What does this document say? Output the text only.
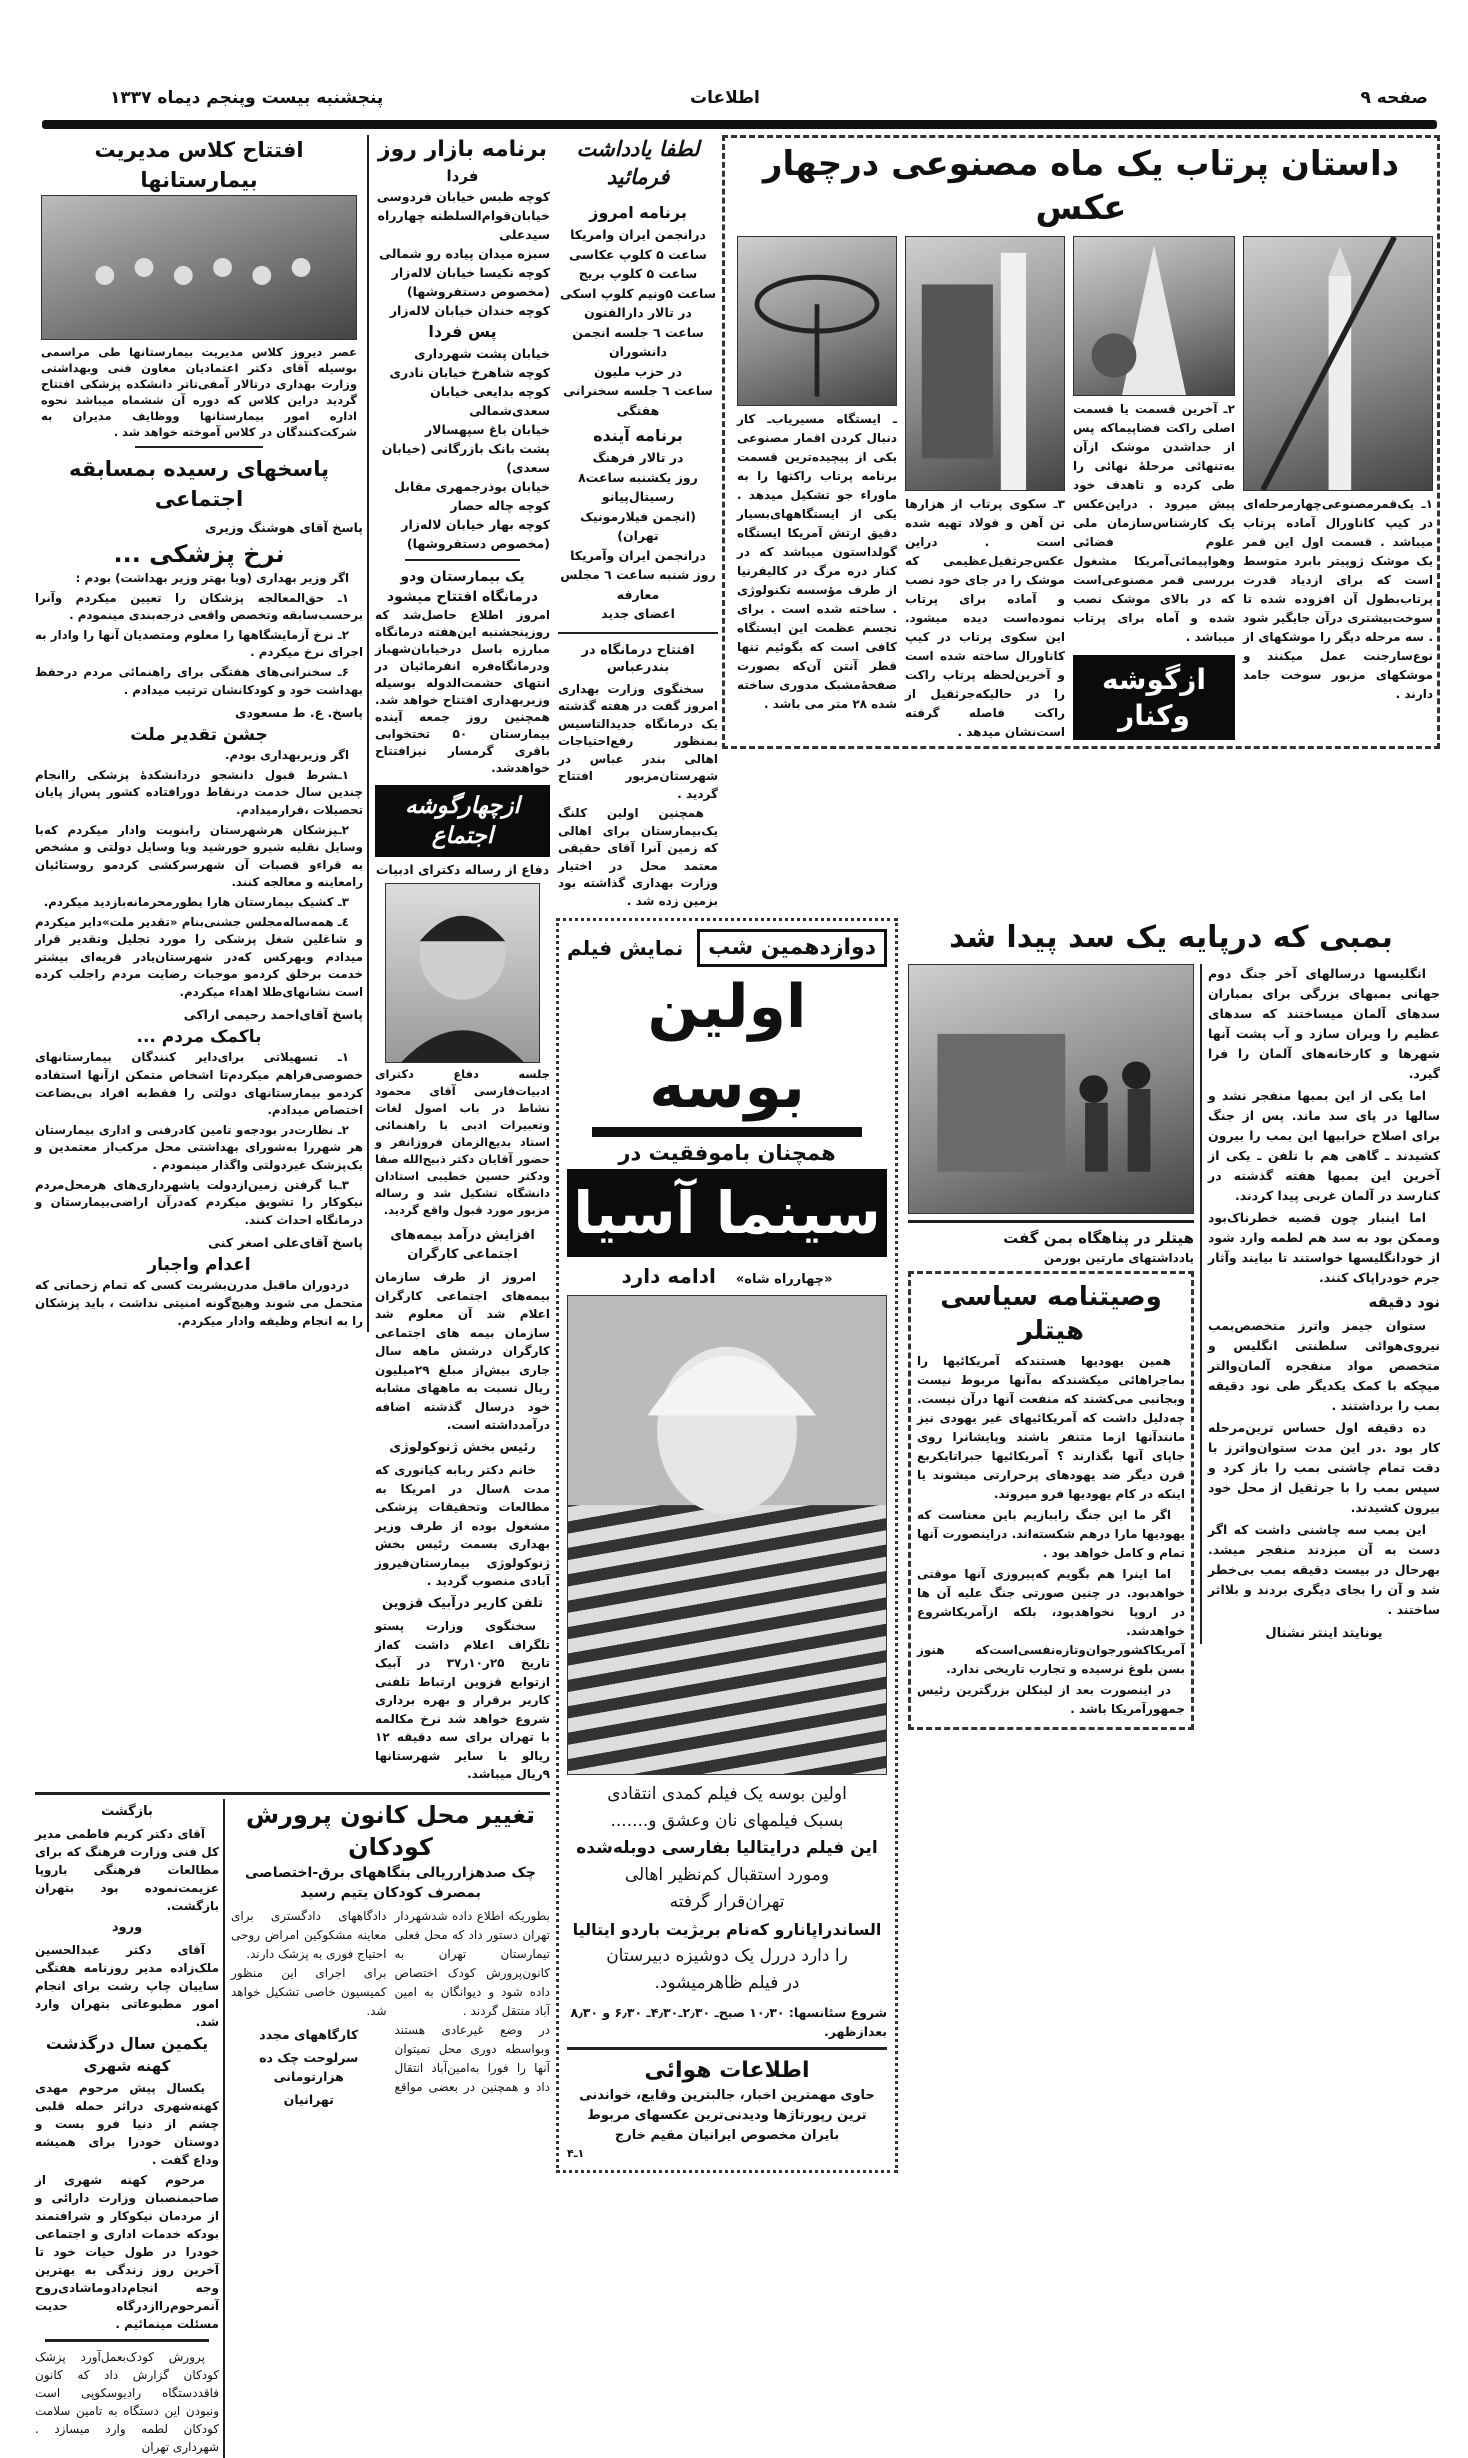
صفحه ۹
اطلاعات
پنجشنبه بیست وپنجم دیماه ۱۳۳۷
داستان پرتاب یک ماه مصنوعی درچهار عکس
۱ـ یک‌قمرمصنوعی‌چهارمرحله‌ای در کیپ کاناورال آماده پرتاب میباشد . قسمت اول این قمر یک موشک ژوپیتر بابرد متوسط است که برای ازدیاد قدرت پرتاب‌بطول آن افزوده شده تا سوخت‌بیشتری درآن جایگیر شود . سه مرحله دیگر را موشکهای از نوع‌سارجنت عمل میکنند و موشکهای مزبور سوخت جامد دارند .
۲ـ آخرین قسمت یا قسمت اصلی راکت فضاپیماکه پس از جداشدن موشک ازآن به‌تنهائی مرحلهٔ نهائی را طی کرده و تاهدف خود پیش میرود . دراین‌عکس یک کارشناس‌سازمان ملی علوم فضائی وهواپیمائی‌آمریکا مشغول بررسی قمر مصنوعی‌است که در بالای موشک نصب شده و آماه برای پرتاب میباشد .
ازگوشه وکنار
۳ـ سکوی پرتاب از هزارها تن آهن و فولاد تهیه شده است . دراین عکس‌جرثقیل‌عظیمی که موشک را در جای خود نصب و آماده برای پرتاب نموده‌است دیده میشود. این سکوی پرتاب در کیپ کاناورال ساخته شده است و آخرین‌لحظه پرتاب راکت را در حالیکه‌جرثقیل از راکت فاصله گرفته است‌نشان میدهد .
ـ ایستگاه مسیریاب‌ـ کار دنبال کردن اقمار مصنوعی یکی از پیچیده‌ترین قسمت برنامه پرتاب راکتها را به ماوراء جو تشکیل میدهد . یکی از ایستگاههای‌بسیار دقیق ارتش آمریکا ایستگاه گولداستون میباشد که در کنار دره مرگ در کالیفرنیا از طرف مؤسسه تکنولوژی . ساخته شده است . برای تجسم عظمت این ایستگاه کافی است که بگوئیم تنها قطر آنتن آن‌که بصورت صفحهٔ‌مشبک مدوری ساخته شده ۲۸ متر می باشد .
لطفا یادداشت فرمائید
برنامه امروز
درانجمن ایران وامریکا
ساعت ۵ کلوپ عکاسی
ساعت ۵ کلوپ بریج
ساعت ۵ونیم کلوپ اسکی
در تالار دارالفنون
ساعت ٦ جلسه انجمن دانشوران
در حزب ملیون
ساعت ٦ جلسه سخنرانی هفتگی
برنامه آینده
در تالار فرهنگ
روز یکشنبه ساعت۸ رسیتال‌پیانو
(انجمن فیلارمونیک تهران)
درانجمن ایران وآمریکا
روز شنبه ساعت ٦ مجلس معارفه
اعضای جدید
افتتاح درمانگاه در بندرعباس

سخنگوی وزارت بهداری امروز گفت در هفته گذشته یک درمانگاه جدیدالتاسیس بمنظور رفع‌احتیاجات اهالی بندر عباس در شهرستان‌مزبور افتتاح گردید .

همچنین اولین کلنگ یک‌بیمارستان برای اهالی که زمین آنرا آقای حقیقی معتمد محل در اختیار وزارت بهداری گذاشته بود بزمین زده شد .

بمبی که درپایه یک سد پیدا شد

انگلیسها درسالهای آخر جنگ دوم جهانی بمبهای بزرگی برای بمباران سدهای آلمان میساختند که سدهای عظیم را ویران سازد و آب پشت آنها شهرها و کارخانه‌های آلمان را فرا گیرد.

اما یکی از این بمبها منفجر نشد و سالها در پای سد ماند. پس از جنگ برای اصلاح خرابیها این بمب را بیرون کشیدند ـ گاهی هم با تلفن ـ یکی از آخرین این بمبها هفته گذشته در کنارسد در آلمان غربی پیدا کردند.

اما اینبار چون قضیه خطرناک‌بود وممکن بود به سد هم لطمه وارد شود از خودانگلیسها خواستند تا بیایند وآثار جرم خودراپاک کنند.

نود دقیقه

ستوان جیمز واترز متخصص‌بمب نیروی‌هوائی سلطنتی انگلیس و متخصص مواد منفجره آلمان‌والتر میچکه با کمک یکدیگر طی نود دقیقه بمب را برداشتند .

ده دقیقه اول حساس ترین‌مرحله کار بود .در این مدت ستوان‌واترز با دقت تمام چاشنی بمب را باز کرد و سپس بمب را با جرثقیل از محل خود بیرون کشیدند.

این بمب سه چاشنی داشت که اگر دست به آن میزدند منفجر میشد. بهرحال در بیست دقیقه بمب بی‌خطر شد و آن را بجای دیگری بردند و بلااثر ساختند .

یونایتد اینتر نشنال
هیتلر در پناهگاه بمن گفت
یادداشتهای مارتین بورمن
وصیتنامه سیاسی هیتلر

همین یهودیها هستندکه آمریکائیها را بماجراهائی میکشندکه به‌آنها مربوط نیست وبجانبی می‌کشند که منفعت آنها درآن نیست. چه‌دلیل داشت که آمریکائیهای غیر یهودی نیز مانندآنها ازما متنفر باشند وپایشانرا روی جاپای آنها بگذارند ؟ آمریکائیها جبراتایکربع قرن دیگر ضد یهودهای پرحرارتی میشوند یا اینکه در کام یهودیها فرو میروند.

اگر ما این جنگ راببازیم باین معناست که یهودیها مارا درهم شکسته‌اند. دراینصورت آنها تمام و کامل خواهد بود .

اما اینرا هم بگویم که‌پیروزی آنها موقتی خواهدبود. در چنین صورتی جنگ علیه آن ها در اروپا نخواهدبود، بلکه ازآمریکاشروع خواهدشد. آمریکاکشورجوان‌وتازه‌نفسی‌است‌که هنوز بسن بلوغ نرسیده و تجارب تاریخی ندارد.

در اینصورت بعد از لینکلن بزرگترین رئیس جمهورآمریکا باشد .

دوازدهمین شب
نمایش فیلم
اولین بوسه
همچنان باموفقیت در
سینما آسیا
«چهارراه شاه»
ادامه دارد
اولین بوسه یک فیلم کمدی انتقادی
بسبک فیلمهای نان وعشق و.......
این فیلم درایتالیا بفارسی دوبله‌شده
ومورد استقبال کم‌نظیر اهالی
تهران‌قرار گرفته
الساندراپانارو که‌نام بریژیت باردو ایتالیا
را دارد دررل یک دوشیزه دبیرستان
در فیلم ظاهرمیشود.
شروع سئانسها: ۱۰٫۳۰ صبح‌ـ ۲٫۳۰ـ۴٫۳۰ـ ۶٫۳۰ و ۸٫۳۰ بعدازظهر.
اطلاعات هوائی
حاوی مهمترین اخبار، جالبترین وقایع، خواندنی ترین رپورتاژها ودیدنی‌ترین عکسهای مربوط بایران مخصوص ایرانیان مقیم خارج
۱ـ۴
برنامه بازار روز
فردا
کوچه طبس خیابان فردوسی
خیابان‌قوام‌السلطنه چهارراه سیدعلی
سبزه میدان پیاده رو شمالی
کوچه نکیسا خیابان لاله‌زار
(مخصوص دستفروشها)
کوچه خندان خیابان لاله‌زار
پس فردا
خیابان پشت شهرداری
کوچه شاهرخ خیابان نادری
کوچه بدایعی خیابان سعدی‌شمالی
خیابان باغ سپهسالار
پشت بانک بازرگانی (خیابان سعدی)
خیابان بوذرجمهری مقابل کوچه چاله حصار
کوچه بهار خیابان لاله‌زار
(مخصوص دستفروشها)
یک بیمارستان ودو درمانگاه افتتاح میشود
امروز اطلاع حاصل‌شد که روزپنجشنبه این‌هفته درمانگاه مبارزه باسل درخیابان‌شهباز ودرمانگاه‌فره انفرمائیان در انتهای حشمت‌الدوله بوسیله وزیربهداری افتتاح خواهد شد. همچنین روز جمعه آینده بیمارستان ۵۰ تختخوابی باقری گرمسار نیزافتتاح خواهدشد.
ازچهارگوشه اجتماع
دفاع از رساله دکترای ادبیات
جلسه دفاع دکترای ادبیات‌فارسی آقای محمود نشاط در باب اصول لغات وتعبیرات ادبی با راهنمائی استاد بدیع‌الزمان فروزانفر و حضور آقایان دکتر ذبیح‌الله صفا ودکتر حسین خطیبی استادان دانشگاه تشکیل شد و رساله مزبور مورد قبول واقع گردید.
افزایش درآمد بیمه‌های اجتماعی کارگران

امروز از طرف سازمان بیمه‌های اجتماعی کارگران اعلام شد آن معلوم شد سازمان بیمه های اجتماعی کارگران درشش ماهه سال جاری بیش‌از مبلغ ۲۹میلیون ریال نسبت به ماههای مشابه خود درسال گذشته اضافه درآمدداشته است.

رئیس بخش ژنوکولوژی

خانم دکتر ربابه کیانوری که مدت ۸سال در امریکا به مطالعات وتحقیقات پزشکی مشغول بوده از طرف وزیر بهداری بسمت رئیس بخش ژنوکولوژی بیمارستان‌فیروز آبادی منصوب گردید .

تلفن کاریر درآبیک قزوین

سخنگوی وزارت پستو تلگراف اعلام داشت که‌از تاریخ ۲۵ر۱۰ر۳۷ در آبیک ازتوابع قزوین ارتباط تلفنی کاریر برقرار و بهره برداری شروع خواهد شد نرخ مکالمه با تهران برای سه دقیقه ۱۲ ریالو با سایر شهرستانها ۹ریال میباشد.

افتتاح کلاس مدیریت بیمارستانها
عصر دیروز کلاس مدیریت بیمارستانها طی مراسمی بوسیله آقای دکتر اعتمادیان معاون فنی وبهداشتی وزارت بهداری درتالار آمفی‌تاتر دانشکده پزشکی افتتاح گردید دراین کلاس که دوره آن ششماه میباشد نحوه اداره امور بیمارستانها ووظایف مدیران به شرکت‌کنندگان در کلاس آموخته خواهد شد .
پاسخهای رسیده بمسابقه اجتماعی
پاسخ آقای هوشنگ وزیری
نرخ پزشکی ...

اگر وزیر بهداری (ویا بهتر وزیر بهداشت) بودم :

۱ـ حق‌المعالجه پزشکان را تعیین میکردم وآنرا برحسب‌سابقه وتخصص واقعی درجه‌بندی مینمودم .

۲ـ نرخ آزمایشگاهها را معلوم ومتصدیان آنها را وادار به اجرای نرخ میکردم .

۶ـ سخنرانی‌های هفتگی برای راهنمائی مردم درحفظ بهداشت خود و کودکانشان ترتیب میدادم .

پاسخ. ع. ط مسعودی
جشن تقدیر ملت

اگر وزیربهداری بودم.

۱ـشرط قبول دانشجو دردانشکدهٔ پزشکی راانجام چندین سال خدمت درنقاط دورافتاده کشور پس‌از پایان تحصیلات ،قرارمیدادم.

۲ـپزشکان هرشهرستان رابنوبت وادار میکردم که‌با وسایل نقلیه شیرو خورشید ویا وسایل دولتی و مشخص به قراءو قصبات آن شهرسرکشی کردمو روستائیان رامعاینه و معالجه کنند.

۳ـ کشیک بیمارستان هارا بطورمحرمانه‌بازدید میکردم.

٤ـ همه‌ساله‌مجلس جشنی‌بنام «تقدیر ملت»دایر میکردم و شاغلین شغل پزشکی را مورد تجلیل وتقدیر قرار میدادم وبهرکس که‌در شهرستان‌یادر قریه‌ای بیشتر خدمت برخلق کردمو موجبات رضایت مردم راجلب کرده است نشانهای‌طلا اهداء میکردم.

پاسخ آقای‌احمد رحیمی اراکی
باکمک مردم ...

۱ـ تسهیلاتی برای‌دایر کنندگان بیمارستانهای خصوصی‌فراهم میکردم‌تا اشخاص متمکن ازآنها استفاده کردمو بیمارستانهای دولتی را فقط‌به افراد بی‌بضاعت اختصاص میدادم.

۲ـ نظارت‌در بودجه‌و تامین کادرفنی و اداری بیمارستان هر شهررا به‌شورای بهداشتی محل مرکب‌از معتمدین و یک‌پزشک غیردولتی واگذار مینمودم .

۳ـبا گرفتن زمین‌ازدولت یاشهرداری‌های هرمحل‌مردم نیکوکار را تشویق میکردم که‌درآن اراضی‌بیمارستان و درمانگاه احداث کنند.

پاسخ آقای‌علی اصغر کنی
اعدام واجبار

دردوران ماقبل مدرن‌بشریت کسی که تمام زحماتی که متحمل می شوند وهیچ‌گونه امنیتی نداشت ، باید پزشکان را به انجام وظیفه وادار میکردم.

تغییر محل کانون پرورش کودکان
چک صدهزارریالی بنگاههای برق-اختصاصی بمصرف کودکان یتیم رسید

بطوریکه اطلاع داده شدشهردار تهران دستور داد که محل فعلی تیمارستان تهران به کانون‌پرورش کودک اختصاص داده شود و دیوانگان به امین آباد منتقل گردند .

در وضع غیرعادی هستند وبواسطه دوری محل نمیتوان آنها را فورا به‌امین‌آباد انتقال داد و همچنین در بعضی مواقع دادگاههای دادگستری برای معاینه مشکوکین امراض روحی احتیاج فوری به پزشک دارند.

برای اجرای این منظور کمیسیون خاصی تشکیل خواهد شد.

کارگاههای مجدد
سرلوحت چک ده هزارتومانی
تهرانیان
بازگشت

آقای دکتر کریم فاطمی مدیر کل فنی وزارت فرهنگ که برای مطالعات فرهنگی باروپا عزیمت‌نموده بود بتهران بازگشت.

ورود

آقای دکتر عبدالحسین ملک‌زاده مدیر روزنامه هفتگی ساییان چاپ رشت برای انجام امور مطبوعاتی بتهران وارد شد.

یکمین سال درگذشت
کهنه شهری

یکسال پیش مرحوم مهدی کهنه‌شهری دراثر حمله قلبی چشم از دنیا فرو بست و دوستان خودرا برای همیشه وداع گفت .

مرحوم کهنه شهری از صاحبمنصبان وزارت دارائی و از مردمان نیکوکار و شرافتمند بودکه خدمات اداری و اجتماعی خودرا در طول حیات خود تا آخرین روز زندگی به بهترین وجه انجام‌دادوما‌شادی‌روح آنمرحوم‌رااز‌درگاه حدیت مسئلت مینمائیم .

پرورش کودک‌بعمل‌آورد‌ پزشک کودکان گزارش داد که کانون فاقددستگاه رادیوسکوپی است ونبودن این دستگاه به تامین سلامت کودکان لطمه وارد میسازد . شهرداری تهران
